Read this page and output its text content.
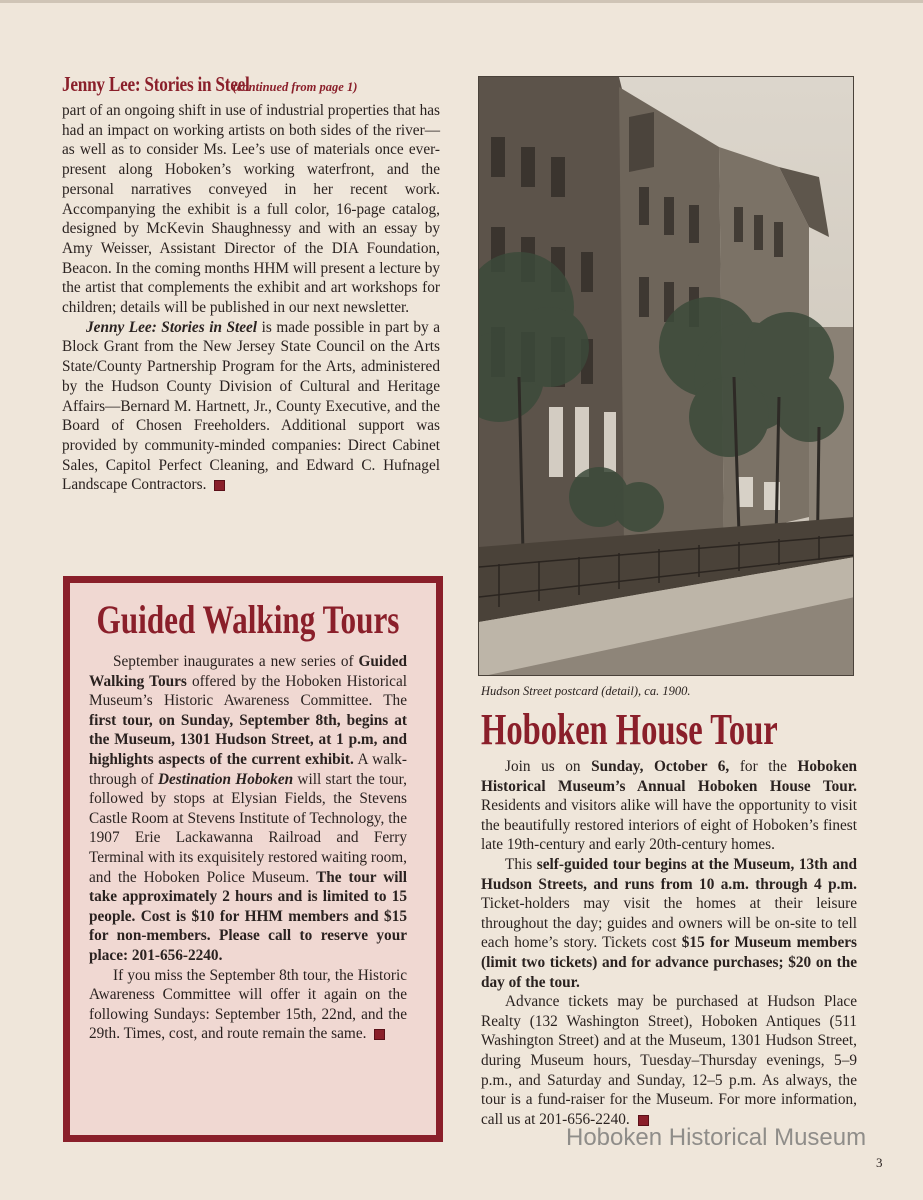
Jenny Lee: Stories in Steel(continued from page 1)

part of an ongoing shift in use of industrial properties that has had an impact on working artists on both sides of the river—as well as to consider Ms. Lee’s use of materials once ever-present along Hoboken’s working waterfront, and the personal narratives conveyed in her recent work. Accompanying the exhibit is a full color, 16-page catalog, designed by McKevin Shaughnessy and with an essay by Amy Weisser, Assistant Director of the DIA Foundation, Beacon. In the coming months HHM will present a lecture by the artist that complements the exhibit and art workshops for children; details will be published in our next newsletter.

Jenny Lee: Stories in Steel is made possible in part by a Block Grant from the New Jersey State Council on the Arts State/County Partnership Program for the Arts, administered by the Hudson County Division of Cultural and Heritage Affairs—Bernard M. Hartnett, Jr., County Executive, and the Board of Chosen Freeholders. Additional support was provided by community-minded companies: Direct Cabinet Sales, Capitol Perfect Cleaning, and Edward C. Hufnagel Landscape Contractors.

Guided Walking Tours

September inaugurates a new series of Guided Walking Tours offered by the Hoboken Historical Museum’s Historic Awareness Committee. The first tour, on Sunday, September 8th, begins at the Museum, 1301 Hudson Street, at 1 p.m, and highlights aspects of the current exhibit. A walk-through of Destination Hoboken will start the tour, followed by stops at Elysian Fields, the Stevens Castle Room at Stevens Institute of Technology, the 1907 Erie Lackawanna Railroad and Ferry Terminal with its exquisitely restored waiting room, and the Hoboken Police Museum. The tour will take approximately 2 hours and is limited to 15 people. Cost is $10 for HHM members and $15 for non-members. Please call to reserve your place: 201-656-2240.

If you miss the September 8th tour, the Historic Awareness Committee will offer it again on the following Sundays: September 15th, 22nd, and the 29th. Times, cost, and route remain the same.

Hudson Street postcard (detail), ca. 1900.
Hoboken House Tour

Join us on Sunday, October 6, for the Hoboken Historical Museum’s Annual Hoboken House Tour. Residents and visitors alike will have the opportunity to visit the beautifully restored interiors of eight of Hoboken’s finest late 19th-century and early 20th-century homes.

This self-guided tour begins at the Museum, 13th and Hudson Streets, and runs from 10 a.m. through 4 p.m. Ticket-holders may visit the homes at their leisure throughout the day; guides and owners will be on-site to tell each home’s story. Tickets cost $15 for Museum members (limit two tickets) and for advance purchases; $20 on the day of the tour.

Advance tickets may be purchased at Hudson Place Realty (132 Washington Street), Hoboken Antiques (511 Washington Street) and at the Museum, 1301 Hudson Street, during Museum hours, Tuesday–Thursday evenings, 5–9 p.m., and Saturday and Sunday, 12–5 p.m. As always, the tour is a fund-raiser for the Museum. For more information, call us at 201-656-2240.

Hoboken Historical Museum
3
